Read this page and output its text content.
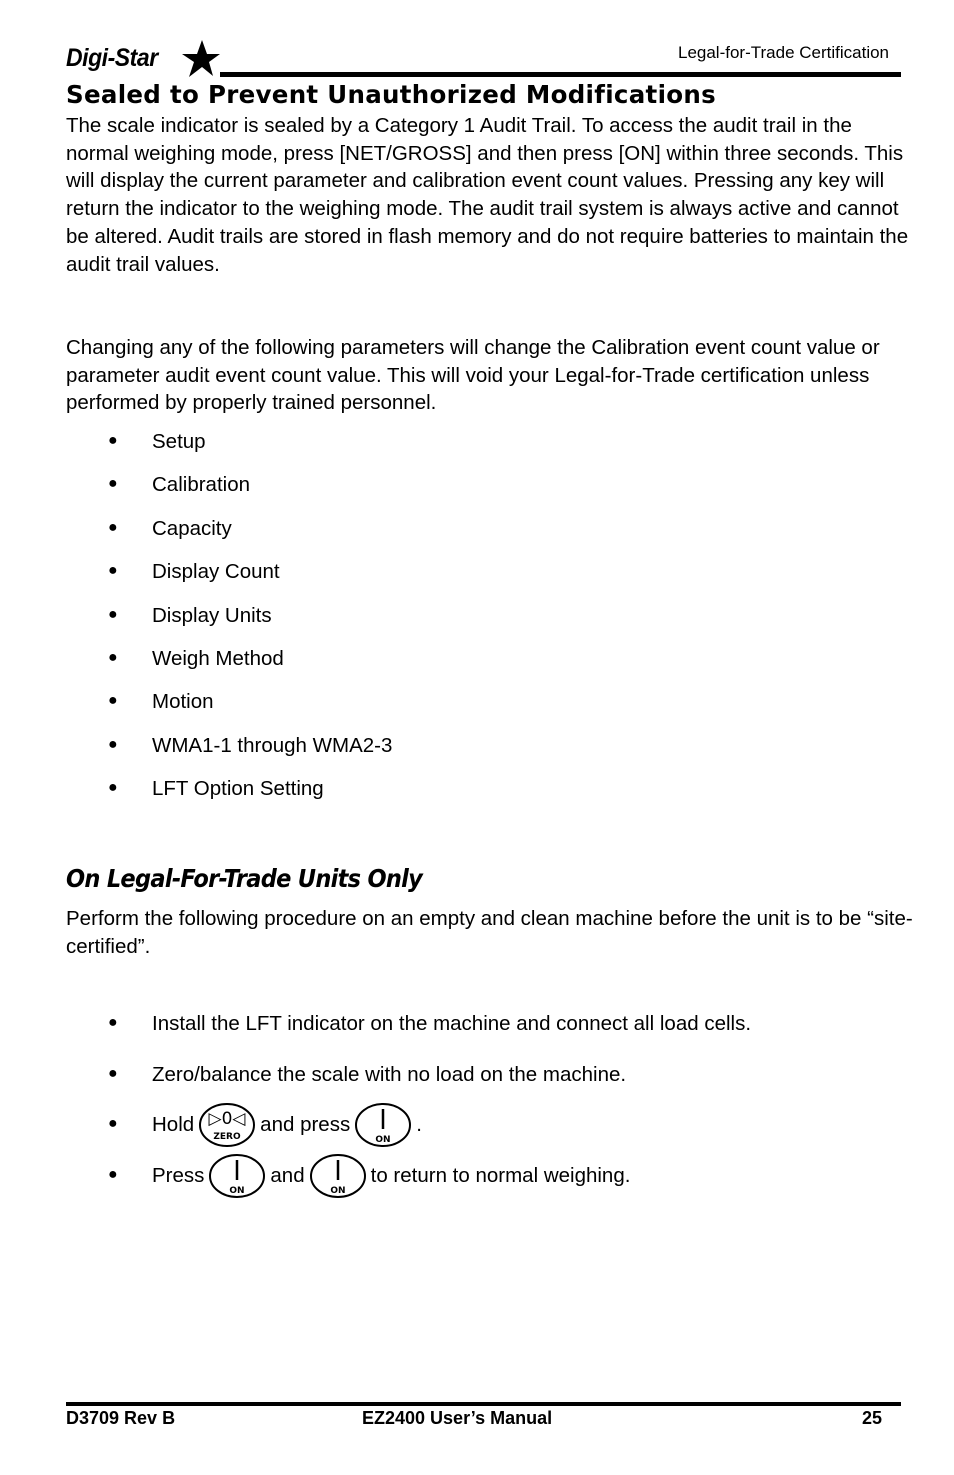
Digi-Star	Legal-for-Trade Certification
Sealed to Prevent Unauthorized Modifications

The scale indicator is sealed by a Category 1 Audit Trail. To access the audit trail in the normal weighing mode, press [NET/GROSS] and then press [ON] within three seconds. This will display the current parameter and calibration event count values. Pressing any key will return the indicator to the weighing mode. The audit trail system is always active and cannot be altered. Audit trails are stored in flash memory and do not require batteries to maintain the audit trail values.

Changing any of the following parameters will change the Calibration event count value or parameter audit event count value. This will void your Legal-for-Trade certification unless performed by properly trained personnel.

● Setup
● Calibration
● Capacity
● Display Count
● Display Units
● Weigh Method
● Motion
● WMA1-1 through WMA2-3
● LFT Option Setting
On Legal-For-Trade Units Only

Perform the following procedure on an empty and clean machine before the unit is to be “site-certified”.

● Install the LFT indicator on the machine and connect all load cells.
● Zero/balance the scale with no load on the machine.
● Hold ▷0◁
ZERO
and press
ON
.
● Press
ON
and
ON
to return to normal weighing.
D3709 Rev B	EZ2400 User’s Manual	25
